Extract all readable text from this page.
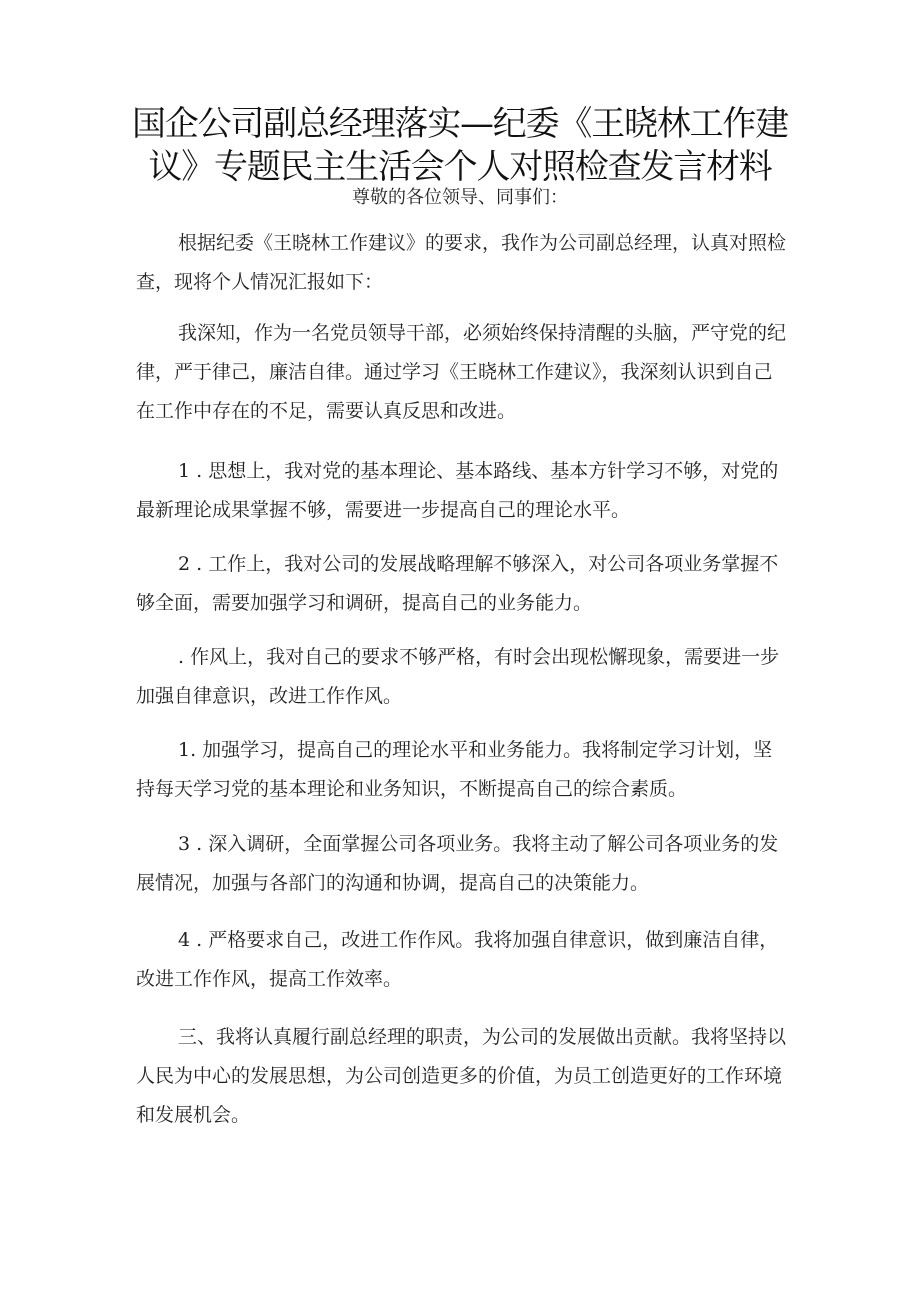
国企公司副总经理落实—纪委《王晓林工作建议》专题民主生活会个人对照检查发言材料

尊敬的各位领导、同事们：

根据纪委《王晓林工作建议》的要求，我作为公司副总经理，认真对照检查，现将个人情况汇报如下：

我深知，作为一名党员领导干部，必须始终保持清醒的头脑，严守党的纪律，严于律己，廉洁自律。通过学习《王晓林工作建议》，我深刻认识到自己在工作中存在的不足，需要认真反思和改进。

1 . 思想上，我对党的基本理论、基本路线、基本方针学习不够，对党的最新理论成果掌握不够，需要进一步提高自己的理论水平。

2 . 工作上，我对公司的发展战略理解不够深入，对公司各项业务掌握不够全面，需要加强学习和调研，提高自己的业务能力。

. 作风上，我对自己的要求不够严格，有时会出现松懈现象，需要进一步加强自律意识，改进工作作风。

1. 加强学习，提高自己的理论水平和业务能力。我将制定学习计划，坚持每天学习党的基本理论和业务知识，不断提高自己的综合素质。

3 . 深入调研，全面掌握公司各项业务。我将主动了解公司各项业务的发展情况，加强与各部门的沟通和协调，提高自己的决策能力。

4 . 严格要求自己，改进工作作风。我将加强自律意识，做到廉洁自律，改进工作作风，提高工作效率。

三、我将认真履行副总经理的职责，为公司的发展做出贡献。我将坚持以人民为中心的发展思想，为公司创造更多的价值，为员工创造更好的工作环境和发展机会。
